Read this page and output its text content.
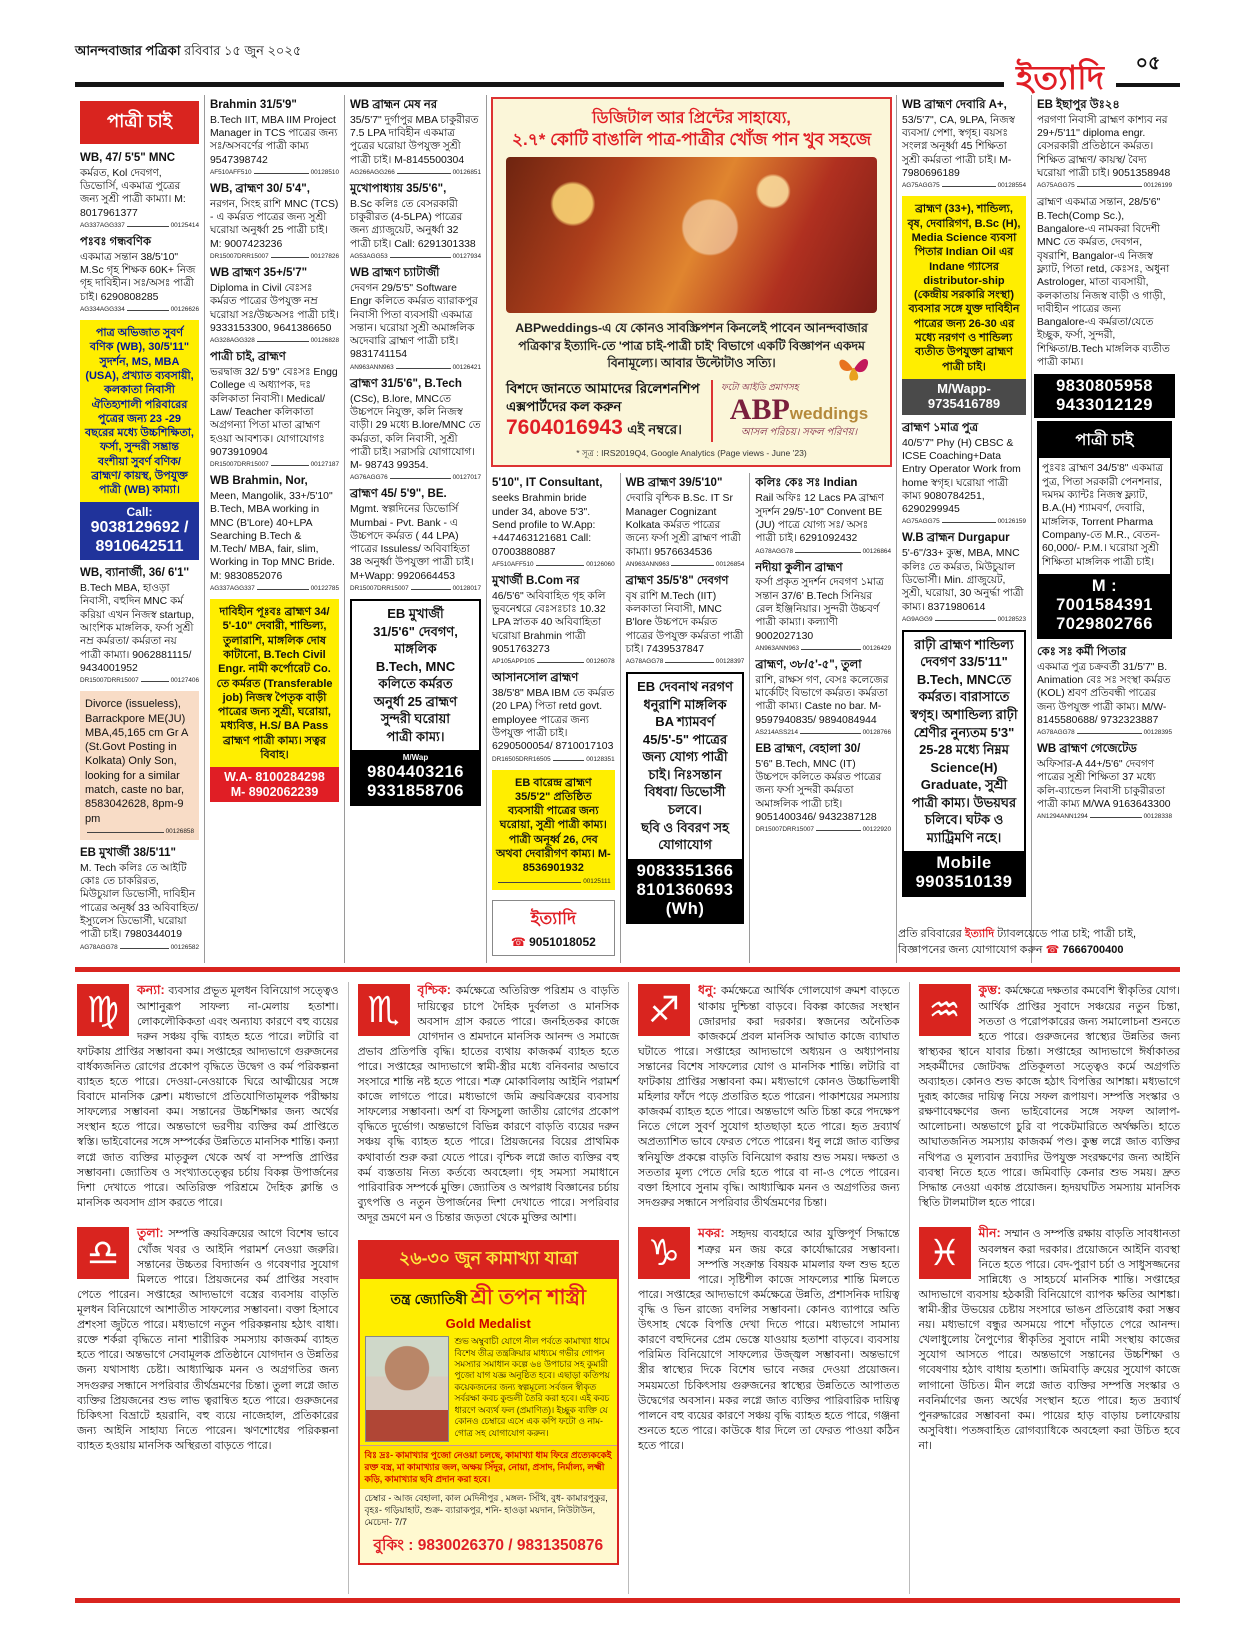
আনন্দবাজার পত্রিকা রবিবার ১৫ জুন ২০২৫
ইত্যাদি	০৫
পাত্রী চাই
WB, 47/ 5'5" MNC

কর্মরত, Kol দেবগণ, ডিভোর্সি, একমাত্র পুত্রের জন্য সুশ্রী পাত্রী কাম্যা। M: 8017961377

AG337AGG337	00125414
পঃবঃ গন্ধবণিক

একমাত্র সন্তান 38/5'10" M.Sc গৃহ শিক্ষক 60K+ নিজ গৃহ দাবিহীন। সঃ/অসঃ পাত্রী চাই। 6290808285

AG334AGG334	00126626

পাত্র অভিজাত সুবর্ণ বণিক (WB), 30/5'11" সুদর্শন, MS, MBA (USA), প্রখ্যাত ব্যবসায়ী, কলকাতা নিবাসী ঐতিহ্যশালী পরিবারের পুত্রের জন্য 23 -29 বছরের মধ্যে উচ্চশিক্ষিতা, ফর্সা, সুন্দরী সম্ভ্রান্ত বংশীয়া সুবর্ণ বণিক/ ব্রাহ্মণ/ কায়স্থ, উপযুক্ত পাত্রী (WB) কাম্যা।

Call:
9038129692 /
8910642511
WB, ব্যানার্জী, 36/ 6'1''

B.Tech MBA, হাওড়া নিবাসী, বহুদিন MNC কর্ম করিয়া এখন নিজস্ব startup, আংশিক মাঙ্গলিক, ফর্সা সুশ্রী নম্র কর্মরতা/ কর্মরতা নয় পাত্রী কাম্যা। 9062881115/ 9434001952

DR15007DRR15007	00127406

Divorce (issueless), Barrackpore ME(JU) MBA,45,165 cm Gr A (St.Govt Posting in Kolkata) Only Son, looking for a similar match, caste no bar, 8583042628, 8pm-9 pm

00126858
EB মুখার্জী 38/5'11"

M. Tech কলিঃ তে আইটি কোঃ তে চাকরিরত, মিউচুয়াল ডিভোর্সী, দাবিহীন পাত্রের অনূর্ধ্ব 33 অবিবাহিত/ইস্যুলেস ডিভোর্সী, ঘরোয়া পাত্রী চাই। 7980344019

AG78AGG78	00126582
Brahmin 31/5'9"

B.Tech IIT, MBA IIM Project Manager in TCS পাত্রের জন্য সঃ/অসবর্ণের পাত্রী কাম্য 9547398742

AF510AFF510	00128510
WB, ব্রাহ্মণ 30/ 5'4",

নরগন, সিংহ রাশি MNC (TCS) - এ কর্মরত পাত্রের জন্য সুশ্রী ঘরোয়া অনুর্ধ্বা 25 পাত্রী চাই। M: 9007423236

DR15007DRR15007	00127826
WB ব্রাহ্মণ 35+/5'7"

Diploma in Civil বেঃসঃ কর্মরত পাত্রের উপযুক্ত নম্র ঘরোয়া সঃ/উচ্চঅসঃ পাত্রী চাই। 9333153300, 9641386650

AG328AGG328	00126828
পাত্রী চাই, ব্রাহ্মণ

ভরদ্বাজ 32/ 5'9'' বেঃসঃ Engg College এ অধ্যাপক, দঃ কলিকাতা নিবাসী। Medical/ Law/ Teacher কলিকাতা অগ্রগন্যা পিতা মাতা ব্রাহ্মণ হওয়া আবশ্যক। যোগাযোগঃ 9073910904

DR15007DRR15007	00127187
WB Brahmin, Nor,

Meen, Mangolik, 33+/5'10" B.Tech, MBA working in MNC (B'Lore) 40+LPA Searching B.Tech & M.Tech/ MBA, fair, slim, Working in Top MNC Bride. M: 9830852076

AG337AGG337	00122785

দাবিহীন পূঃবঃ ব্রাহ্মণ 34/ 5'-10'' দেবারী, শান্ডিল্য, তুলারাশি, মাঙ্গলিক দোষ কাটানো, B.Tech Civil Engr. নামী কর্পোরেট Co. তে কর্মরত (Transferable job) নিজস্ব পৈতৃক বাড়ী পাত্রের জন্য সুশ্রী, ঘরোয়া, মধ্যবিত্ত, H.S/ BA Pass ব্রাহ্মণ পাত্রী কাম্য। সত্বর বিবাহ।

W.A- 8100284298
M- 8902062239
WB ব্রাহ্মন মেষ নর

35/5'7" দুর্গাপুর MBA চাকুরীরত 7.5 LPA দাবিহীন একমাত্র পুত্রের ঘরোয়া উপযুক্ত সুশ্রী পাত্রী চাই। M-8145500304

AG266AGG266	00126851
মুখোপাধ্যায় 35/5'6",

B.Sc কলিঃ তে বেসরকারী চাকুরীরত (4-5LPA) পাত্রের জন্য গ্র্যাজুয়েট, অনুর্ধ্বা 32 পাত্রী চাই। Call: 6291301338

AG53AGG53	00127934
WB ব্রাহ্মণ চ্যাটার্জী

দেবগন 29/5'5" Software Engr কলিতে কর্মরত ব্যারাকপুর নিবাসী পিতা ব্যবসায়ী একমাত্র সন্তান। ঘরোয়া সুশ্রী অমাঙ্গলিক অদেবারি ব্রাহ্মণ পাত্রী চাই। 9831741154

AN963ANN963	00126421
ব্রাহ্মণ 31/5'6", B.Tech

(CSc), B.lore, MNCতে উচ্চপদে নিযুক্ত, কলি নিজস্ব বাড়ী। 29 মধ্যে B.lore/MNC তে কর্মরতা, কলি নিবাসী, সুশ্রী পাত্রী চাই। সরাসরি যোগাযোগ। M- 98743 99354.

AG76AGG76	00127017
ব্রাহ্মণ 45/ 5'9", BE.

Mgmt. স্বল্পদিনের ডিভোর্সি Mumbai - Pvt. Bank - এ উচ্চপদে কর্মরত ( 44 LPA) পাত্রের Issuless/ অবিবাহিতা 38 অনুর্ধ্বা উপযুক্তা পাত্রী চাই। M+Wapp: 9920664453

DR15007DRR15007	00128017
EB মুখার্জী
31/5'6" দেবগণ,
মাঙ্গলিক
B.Tech, MNC
কলিতে কর্মরত
অনুর্ধা 25 ব্রাহ্মণ
সুন্দরী ঘরোয়া
পাত্রী কাম্য।
M/Wap
9804403216
9331858706
ডিজিটাল আর প্রিন্টের সাহায্যে,
২.৭* কোটি বাঙালি পাত্র-পাত্রীর খোঁজ পান খুব সহজে
ABPweddings-এ যে কোনও সাবস্ক্রিপশন কিনলেই পাবেন আনন্দবাজার পত্রিকা'র ইত্যাদি-তে 'পাত্র চাই-পাত্রী চাই' বিভাগে একটি বিজ্ঞাপন একদম বিনামূল্যে। আবার উল্টোটাও সত্যি।
বিশদে জানতে আমাদের রিলেশনশিপ এক্সপার্টদের কল করুন
7604016943 এই নম্বরে।
ফটো আইডি প্রমাণসহ
ABPweddings
আসল পরিচয়। সফল পরিণয়।
* সূত্র : IRS2019Q4, Google Analytics (Page views - June '23)
5'10", IT Consultant,

seeks Brahmin bride under 34, above 5'3". Send profile to W.App: +447463121681 Call: 07003880887

AF510AFF510	00126060
মুখার্জী B.Com নর

46/5'6" অবিবাহিত গৃহ কলি ভুবনেশ্বরে বেঃসঃচাঃ 10.32 LPA স্নাতক 40 অবিবাহিতা ঘরোয়া Brahmin পাত্রী 9051763273

AP105APP105	00126078
আসানসোল ব্রাহ্মণ

38/5'8" MBA IBM তে কর্মরত (20 LPA) পিতা retd govt. employee পাত্রের জন্য উপযুক্ত পাত্রী চাই। 6290500054/ 8710017103

DR16505DRR16505	00128351

EB বারেন্দ্র ব্রাহ্মণ 35/5'2" প্রতিষ্ঠিত ব্যবসায়ী পাত্রের জন্য ঘরোয়া, সুশ্রী পাত্রী কাম্য। পাত্রী অনূর্ধ্ব 26, দেব অথবা দেবারীগণ কাম্য। M-8536901932

00125111
ইত্যাদি

☎ 9051018052

WB ব্রাহ্মণ 39/5'10"

দেবারি বৃশ্চিক B.Sc. IT Sr Manager Cognizant Kolkata কর্মরত পাত্রের জন্যে ফর্সা সুশ্রী ব্রাহ্মণ পাত্রী কাম্যা। 9576634536

AN963ANN963	00126854
ব্রাহ্মণ 35/5'8" দেবগণ

বৃষ রাশি M.Tech (IIT) কলকাতা নিবাসী, MNC B'lore উচ্চপদে কর্মরত পাত্রের উপযুক্ত কর্মরতা পাত্রী চাই। 7439537847

AG78AGG78	00128397
EB দেবনাথ নরগণ
ধনুরাশি মাঙ্গলিক
BA শ্যামবর্ণ
45/5'-5" পাত্রের
জন্য যোগ্য পাত্রী
চাই। নিঃসন্তান
বিধবা/ ডিভোর্সী
চলবে।
ছবি ও বিবরণ সহ
যোগাযোগ
9083351366
8101360693 (Wh)
কলিঃ কেঃ সঃ Indian

Rail অফিঃ 12 Lacs PA ব্রাহ্মণ সুদর্শন 29/5'-10" Convent BE (JU) পাত্রে যোগ্য সঃ/ অসঃ পাত্রী চাই। 6291092432

AG78AGG78	00126864
নদীয়া কুলীন ব্রাহ্মণ

ফর্সা প্রকৃত সুদর্শন দেবগণ ১মাত্র সন্তান 37/6' B.Tech সিনিয়র রেল ইঞ্জিনিয়ার। সুন্দরী উচ্চবর্ণ পাত্রী কাম্যা। কল্যাণী 9002027130

AN963ANN963	00126429
ব্রাহ্মণ, ৩৮/৫'-৫", তুলা

রাশি, রাক্ষস গণ, বেসঃ কলেজের মার্কেটিং বিভাগে কর্মরত। কর্মরতা পাত্রী কাম্য। Caste no bar. M-9597940835/ 9894084944

AS214ASS214	00128766
EB ব্রাহ্মণ, বেহালা 30/

5'6" B.Tech, MNC (IT) উচ্চপদে কলিতে কর্মরত পাত্রের জন্য ফর্সা সুন্দরী কর্মরতা অমাঙ্গলিক পাত্রী চাই। 9051400346/ 9432387128

DR15007DRR15007	00122920
WB ব্রাহ্মণ দেবারি A+,

53/5'7", CA, 9LPA, নিজস্ব ব্যবসা/ পেশা, স্বগৃহ। বয়সঃ সংলগ্ন অনূর্ধ্বা 45 শিক্ষিতা সুশ্রী কর্মরতা পাত্রী চাই। M-7980696189

AG75AGG75	00128554

ব্রাহ্মণ (33+), শান্ডিল্য, বৃষ, দেবারিগণ, B.Sc (H), Media Science ব্যবসা পিতার Indian Oil এর Indane গ্যাসের distributor-ship (কেন্দ্রীয় সরকারি সংস্থা) ব্যবসার সঙ্গে যুক্ত দাবিহীন পাত্রের জন্য 26-30 এর মধ্যে নরগণ ও শান্ডিল্য ব্যতীত উপযুক্তা ব্রাহ্মণ পাত্রী চাই।

M/Wapp-
9735416789
ব্রাহ্মণ ১মাত্র পুত্র

40/5'7" Phy (H) CBSC & ICSE Coaching+Data Entry Operator Work from home স্বগৃহ। ঘরোয়া পাত্রী কাম্য 9080784251, 6290299945

AG75AGG75	00126159
W.B ব্রাহ্মন Durgapur

5'-6''/33+ কুম্ভ, MBA, MNC কলিঃ তে কর্মরত, মিউচুয়াল ডিভোর্সী। Min. গ্রাজুয়েট, সুশ্রী, ঘরোয়া, 30 অনুর্দ্ধা পাত্রী কাম্য। 8371980614

AG9AGG9	00128523
রাঢ়ী ব্রাহ্মণ শান্ডিল্য
দেবগণ 33/5'11"
B.Tech, MNCতে
কর্মরত। বারাসাতে
স্বগৃহ। অশান্ডিল্য রাঢ়ী
শ্রেণীর নুন্যতম 5'3"
25-28 মধ্যে নিম্নম
Science(H)
Graduate, সুশ্রী
পাত্রী কাম্য। উভয়ঘর
চলিবে। ঘটক ও
ম্যাট্রিমণি নহে।
Mobile
9903510139
EB ইছাপুর উঃ২৪

পরগণা নিবাসী ব্রাহ্মণ কাশ্যব নর 29+/5'11'' diploma engr. বেসরকারী প্রতিষ্ঠানে কর্মরত। শিক্ষিত ব্রাহ্মণ/ কায়স্থ/ বৈদ্য ঘরোয়া পাত্রী চাই। 9051358948

AG75AGG75	00126199

ব্রাহ্মণ একমাত্র সন্তান, 28/5'6" B.Tech(Comp Sc.), Bangalore-এ নামকরা বিদেশী MNC তে কর্মরত, দেবগন, বৃষরাশি, Bangalor-এ নিজস্ব ফ্ল্যাট, পিতা retd, কেঃসঃ, অধুনা Astrologer, মাতা ব্যবসায়ী, কলকাতায় নিজস্ব বাড়ী ও গাড়ী, দাবীহীন পাত্রের জন্য Bangalore-এ কর্মরতা/যেতে ইচ্ছুক, ফর্সা, সুন্দরী, শিক্ষিতা/B.Tech মাঙ্গলিক ব্যতীত পাত্রী কাম্য।

9830805958
9433012129
পাত্রী চাই

পুঃবঃ ব্রাহ্মণ 34/5'8" একমাত্র পুত্র, পিতা সরকারী পেনশনার, দমদম ক্যান্টঃ নিজস্ব ফ্ল্যাট, B.A.(H) শ্যামবর্ণ, দেবারি, মাঙ্গলিক, Torrent Pharma Company-তে M.R., বেতন- 60,000/- P.M.। ঘরোয়া সুশ্রী শিক্ষিতা মাঙ্গলিক পাত্রী চাই।

M : 7001584391
7029802766
কেঃ সঃ কর্মী পিতার

একমাত্র পুত্র চক্রবর্তী 31/5'7" B. Animation বেঃ সঃ সংস্থা কর্মরত (KOL) শ্রবণ প্রতিবন্ধী পাত্রের জন্য উপযুক্ত পাত্রী কাম্য। M/W- 8145580688/ 9732323887

AG78AGG78	00128395
WB ব্রাহ্মণ গেজেটেড

অফিসার-A 44+/5'6" দেবগণ পাত্রের সুশ্রী শিক্ষিতা 37 মধ্যে কলি-ব্যান্ডেল নিবাসী চাকুরীরতা পাত্রী কাম্য M/WA 9163643300

AN1294ANN1294	00128338
প্রতি রবিবারের ইত্যাদি ট্যাবলয়েডে পাত্র চাই; পাত্রী চাই,
বিজ্ঞাপনের জন্য যোগাযোগ করুন ☎ 7666700400
♍	কন্যা: ব্যবসার প্রভূত মূলধন বিনিয়োগ সত্ত্বেও আশানুরূপ সাফল্য না-মেলায় হতাশা। লোকলৌকিকতা এবং অন্যায্য কারণে বহু ব্যয়ের দরুন সঞ্চয় বৃদ্ধি ব্যাহত হতে পারে। লটারি বা ফাটকায় প্রাপ্তির সম্ভাবনা কম। সপ্তাহের আদ্যভাগে গুরুজনের বার্ধক্যজনিত রোগের প্রকোপ বৃদ্ধিতে উদ্বেগ ও কর্ম পরিকল্পনা ব্যাহত হতে পারে। দেওয়া-নেওয়াকে ঘিরে আত্মীয়ের সঙ্গে বিবাদে মানসিক ক্লেশ। মধ্যভাগে প্রতিযোগিতামূলক পরীক্ষায় সাফল্যের সম্ভাবনা কম। সন্তানের উচ্চশিক্ষার জন্য অর্থের সংস্থান হতে পারে। অন্তভাগে ভরণীয় ব্যক্তির কর্ম প্রাপ্তিতে স্বস্তি। ভাইবোনের সঙ্গে সম্পর্কের উন্নতিতে মানসিক শান্তি। কন্যা লগ্নে জাত ব্যক্তির মাতৃকুল থেকে অর্থ বা সম্পত্তি প্রাপ্তির সম্ভাবনা। জ্যোতিষ ও সংখ্যাতত্ত্বের চর্চায় বিকল্প উপার্জনের দিশা দেখাতে পারে। অতিরিক্ত পরিশ্রমে দৈহিক ক্লান্তি ও মানসিক অবসাদ গ্রাস করতে পারে।

♎	তুলা: সম্পত্তি ক্রয়বিক্রয়ের আগে বিশেষ ভাবে খোঁজ খবর ও আইনি পরামর্শ নেওয়া জরুরি। সন্তানের উচ্চতর বিদ্যার্জন ও গবেষণার সুযোগ মিলতে পারে। প্রিয়জনের কর্ম প্রাপ্তির সংবাদ পেতে পারেন। সপ্তাহের আদ্যভাগে বস্ত্রের ব্যবসায় বাড়তি মূলধন বিনিয়োগে আশাতীত সাফল্যের সম্ভাবনা। বক্তা হিসাবে প্রশংসা জুটতে পারে। মধ্যভাগে নতুন পরিকল্পনায় হঠাৎ বাধা। রক্তে শর্করা বৃদ্ধিতে নানা শারীরিক সমস্যায় কাজকর্ম ব্যাহত হতে পারে। অন্তভাগে সেবামূলক প্রতিষ্ঠানে যোগদান ও উন্নতির জন্য যথাসাধ্য চেষ্টা। আধ্যাত্মিক মনন ও অগ্রগতির জন্য সদগুরুর সন্ধানে সপরিবার তীর্থভ্রমণের চিন্তা। তুলা লগ্নে জাত ব্যক্তির প্রিয়জনের শুভ লাভ ত্বরান্বিত হতে পারে। গুরুজনের চিকিৎসা বিভ্রাটে হয়রানি, বহু ব্যয়ে নাজেহাল, প্রতিকারের জন্য আইনি সাহায্য নিতে পারেন। ঋণশোধের পরিকল্পনা ব্যাহত হওয়ায় মানসিক অস্থিরতা বাড়তে পারে।

♏	বৃশ্চিক: কর্মক্ষেত্রে অতিরিক্ত পরিশ্রম ও বাড়তি দায়িত্বের চাপে দৈহিক দুর্বলতা ও মানসিক অবসাদ গ্রাস করতে পারে। জনহিতকর কাজে যোগদান ও শ্রমদানে মানসিক আনন্দ ও সমাজে প্রভাব প্রতিপত্তি বৃদ্ধি। হাতের ব্যথায় কাজকর্ম ব্যাহত হতে পারে। সপ্তাহের আদ্যভাগে স্বামী-স্ত্রীর মধ্যে বনিবনার অভাবে সংসারে শান্তি নষ্ট হতে পারে। শত্রু মোকাবিলায় আইনি পরামর্শ কাজে লাগতে পারে। মধ্যভাগে জমি ক্রয়বিক্রয়ের ব্যবসায় সাফল্যের সম্ভাবনা। অর্শ বা ফিসচুলা জাতীয় রোগের প্রকোপ বৃদ্ধিতে দুর্ভোগ। অন্তভাগে বিভিন্ন কারণে বাড়তি ব্যয়ের দরুন সঞ্চয় বৃদ্ধি ব্যাহত হতে পারে। প্রিয়জনের বিয়ের প্রাথমিক কথাবার্তা শুরু করা যেতে পারে। বৃশ্চিক লগ্নে জাত ব্যক্তির বহু কর্ম ব্যস্ততায় নিত্য কর্তব্যে অবহেলা। গৃহ সমস্যা সমাধানে পারিবারিক সম্পর্কে মুক্তি। জ্যোতিষ ও অপরাধ বিজ্ঞানের চর্চায় ব্যুৎপত্তি ও নতুন উপার্জনের দিশা দেখাতে পারে। সপরিবার অদূর ভ্রমণে মন ও চিন্তার জড়তা থেকে মুক্তির আশা।

২৬-৩০ জুন কামাখ্যা যাত্রা
তন্ত্র জ্যোতিষী শ্রী তপন শাস্ত্রী
Gold Medalist
শুভ অম্বুবাচী যোগে নীল পর্বতে কামাখ্যা ধামে বিশেষ তীব্র তন্ত্রক্রিয়ার মাধ্যমে গভীর গোপন সমস্যার সমাধান কল্পে ৬৪ উপাচার সহ কুমারী পুজো যাগ যজ্ঞ অনুষ্ঠিত হবে। এছাড়া কতিপয় কয়েকজনের জন্য স্বল্পমূল্যে সর্বজন স্বীকৃত সর্বরক্ষা কবচ কুন্ডলী তৈরি করা হবে। এই কবচ ধারণে অব্যর্থ ফল (প্রমাণিত)। ইচ্ছুক ব্যক্তি যে কোনও চেম্বারে এসে এক কপি ফটো ও নাম-গোত্র সহ যোগাযোগ করুন।
বিঃ দ্রঃ- কামাখ্যার পুজো নেওয়া চলছে, কামাখ্যা ধাম ফিরে প্রত্যেককেই রক্ত বস্ত্র, মা কামাখ্যার জল, অক্ষয় সিঁদুর, নোয়া, প্রসাদ, নির্মাল্য, লক্ষ্মী কড়ি, কামাখ্যার ছবি প্রদান করা হবে।
চেম্বার - আজ বেহালা, কাল মেদিনীপুর , মঙ্গল- সিঁথি, বুধ- কামারপুকুর, বৃহঃ- গড়িয়াহাট, শুক্র- ব্যারাকপুর, শনি- হাওড়া ময়দান, নিউটাউন, মেচেদা- 7/7
বুকিং : 9830026370 / 9831350876
♐	ধনু: কর্মক্ষেত্রে আর্থিক গোলযোগ ক্রমশ বাড়তে থাকায় দুশ্চিন্তা বাড়বে। বিকল্প কাজের সংস্থান জোরদার করা দরকার। স্বজনের অনৈতিক কাজকর্মে প্রবল মানসিক আঘাত কাজে ব্যাঘাত ঘটাতে পারে। সপ্তাহের আদ্যভাগে অধ্যয়ন ও অধ্যাপনায় সন্তানের বিশেষ সাফল্যের যোগ ও মানসিক শান্তি। লটারি বা ফাটকায় প্রাপ্তির সম্ভাবনা কম। মধ্যভাগে কোনও উচ্চাভিলাষী মহিলার ফাঁদে পড়ে প্রতারিত হতে পারেন। পাকাশয়ের সমস্যায় কাজকর্ম ব্যাহত হতে পারে। অন্তভাগে অতি চিন্তা করে পদক্ষেপ নিতে গেলে সুবর্ণ সুযোগ হাতছাড়া হতে পারে। হৃত দ্রব্যার্থ অপ্রত্যাশিত ভাবে ফেরত পেতে পারেন। ধনু লগ্নে জাত ব্যক্তির স্বনিযুক্তি প্রকল্পে বাড়তি বিনিয়োগ করায় শুভ সময়। দক্ষতা ও সততার মূল্য পেতে দেরি হতে পারে বা না-ও পেতে পারেন। বক্তা হিসাবে সুনাম বৃদ্ধি। আধ্যাত্মিক মনন ও অগ্রগতির জন্য সদগুরুর সন্ধানে সপরিবার তীর্থভ্রমণের চিন্তা।

♑	মকর: সহৃদয় ব্যবহারে আর যুক্তিপূর্ণ সিদ্ধান্তে শত্রুর মন জয় করে কার্যোদ্ধারের সম্ভাবনা। সম্পত্তি সংক্রান্ত বিষয়ক মামলার ফল শুভ হতে পারে। সৃষ্টিশীল কাজে সাফল্যের শান্তি মিলতে পারে। সপ্তাহের আদ্যভাগে কর্মক্ষেত্রে উন্নতি, প্রশাসনিক দায়িত্ব বৃদ্ধি ও ভিন রাজ্যে বদলির সম্ভাবনা। কোনও ব্যাপারে অতি উৎসাহ থেকে বিপত্তি দেখা দিতে পারে। মধ্যভাগে সামান্য কারণে বহুদিনের প্রেম ভেস্তে যাওয়ায় হতাশা বাড়বে। ব্যবসায় পরিমিত বিনিয়োগে সাফল্যের উজ্জ্বল সম্ভাবনা। অন্তভাগে স্ত্রীর স্বাস্থ্যের দিকে বিশেষ ভাবে নজর দেওয়া প্রয়োজন। সময়মতো চিকিৎসায় গুরুজনের স্বাস্থ্যের উন্নতিতে আপাতত উদ্বেগের অবসান। মকর লগ্নে জাত ব্যক্তির পারিবারিক দায়িত্ব পালনে বহু ব্যয়ের কারণে সঞ্চয় বৃদ্ধি ব্যাহত হতে পারে, গঞ্জনা শুনতে হতে পারে। কাউকে ধার দিলে তা ফেরত পাওয়া কঠিন হতে পারে।

♒	কুম্ভ: কর্মক্ষেত্রে দক্ষতার কমবেশি স্বীকৃতির যোগ। আর্থিক প্রাপ্তির সুবাদে সঞ্চয়ের নতুন চিন্তা, সততা ও পরোপকারের জন্য সমালোচনা শুনতে হতে পারে। গুরুজনের স্বাস্থ্যের উন্নতির জন্য স্বাস্থ্যকর স্থানে যাবার চিন্তা। সপ্তাহের আদ্যভাগে ঈর্ষাকাতর সহকর্মীদের জোটবদ্ধ প্রতিকূলতা সত্ত্বেও কর্মে অগ্রগতি অব্যাহত। কোনও শুভ কাজে হঠাৎ বিপত্তির আশঙ্কা। মধ্যভাগে দুরূহ কাজের দায়িত্ব নিয়ে সফল রূপায়ণ। সম্পত্তি সংস্কার ও রক্ষণাবেক্ষণের জন্য ভাইবোনের সঙ্গে সফল আলাপ-আলোচনা। অন্তভাগে চুরি বা পকেটমারিতে অর্থক্ষতি। হাতে আঘাতজনিত সমস্যায় কাজকর্ম পণ্ড। কুম্ভ লগ্নে জাত ব্যক্তির নথিপত্র ও মূল্যবান দ্রব্যাদির উপযুক্ত সংরক্ষণের জন্য আইনি ব্যবস্থা নিতে হতে পারে। জমিবাড়ি কেনার শুভ সময়। দ্রুত সিদ্ধান্ত নেওয়া একান্ত প্রয়োজন। হৃদয়ঘটিত সমস্যায় মানসিক স্থিতি টালমাটাল হতে পারে।

♓	মীন: সম্মান ও সম্পত্তি রক্ষায় বাড়তি সাবধানতা অবলম্বন করা দরকার। প্রয়োজনে আইনি ব্যবস্থা নিতে হতে পারে। বেদ-পুরাণ চর্চা ও সাধুসজ্জনের সান্নিধ্যে ও সাহচর্যে মানসিক শান্তি। সপ্তাহের আদ্যভাগে ব্যবসায় হঠকারী বিনিয়োগে ব্যাপক ক্ষতির আশঙ্কা। স্বামী-স্ত্রীর উভয়ের চেষ্টায় সংসারে ভাঙন প্রতিরোধ করা সম্ভব নয়। মধ্যভাগে বন্ধুর অসময়ে পাশে দাঁড়াতে পেরে আনন্দ। খেলাধুলোয় নৈপুণ্যের স্বীকৃতির সুবাদে নামী সংস্থায় কাজের সুযোগ আসতে পারে। অন্তভাগে সন্তানের উচ্চশিক্ষা ও গবেষণায় হঠাৎ বাধায় হতাশা। জমিবাড়ি ক্রয়ের সুযোগ কাজে লাগানো উচিত। মীন লগ্নে জাত ব্যক্তির সম্পত্তি সংস্কার ও নবনির্মাণের জন্য অর্থের সংস্থান হতে পারে। হৃত দ্রব্যার্থ পুনরুদ্ধারের সম্ভাবনা কম। পায়ের হাড় বাড়ায় চলাফেরায় অসুবিধা। পতঙ্গবাহিত রোগব্যাধিকে অবহেলা করা উচিত হবে না।
